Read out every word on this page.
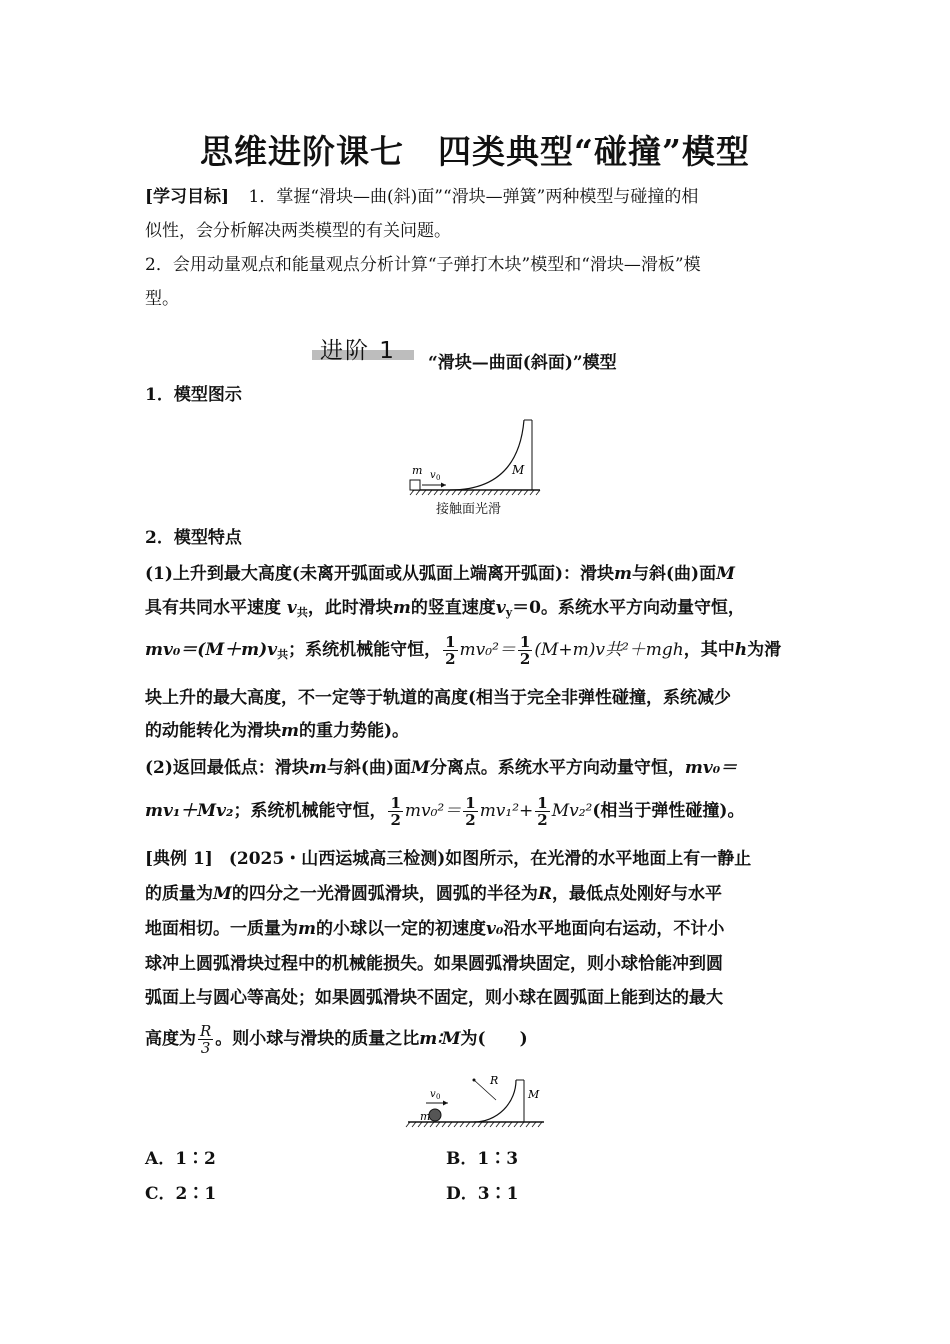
思维进阶课七　四类典型“碰撞”模型
[学习目标] 1．掌握“滑块—曲(斜)面”“滑块—弹簧”两种模型与碰撞的相
似性，会分析解决两类模型的有关问题。
2．会用动量观点和能量观点分析计算“子弹打木块”模型和“滑块—滑板”模
型。
进阶 1 “滑块—曲面(斜面)”模型
1．模型图示
m v 0
M
接触面光滑
2．模型特点
(1)上升到最大高度(未离开弧面或从弧面上端离开弧面)：滑块m与斜(曲)面M
具有共同水平速度 $v_共$，此时滑块m的竖直速度$v_y=0$。系统水平方向动量守恒，
$mv_0=(M+m)v_共$；系统机械能守恒， $\frac{1}{2} mv_0^2= \frac{1}{2} (M+m)v$共²＋mgh，其中h为滑
块上升的最大高度，不一定等于轨道的高度(相当于完全非弹性碰撞，系统减少
的动能转化为滑块m的重力势能)。
(2)返回最低点：滑块m与斜(曲)面M分离点。系统水平方向动量守恒，mv₀＝
mv₁＋Mv₂；系统机械能守恒， $\frac{1}{2} mv_0^2= \frac{1}{2} mv_1^2+ \frac{1}{2} Mv_2^2$(相当于弹性碰撞)。
[典例 1] (2025・山西运城高三检测)如图所示，在光滑的水平地面上有一静止
的质量为M的四分之一光滑圆弧滑块，圆弧的半径为R，最低点处刚好与水平
地面相切。一质量为m的小球以一定的初速度v₀沿水平地面向右运动，不计小
球冲上圆弧滑块过程中的机械能损失。如果圆弧滑块固定，则小球恰能冲到圆
弧面上与圆心等高处；如果圆弧滑块不固定，则小球在圆弧面上能到达的最大
高度为 $\frac{R}{3}$ 。则小球与滑块的质量之比m∶M为(　　)
v 0
m
R
M
A．1∶2	B．1∶3
C．2∶1	D．3∶1
